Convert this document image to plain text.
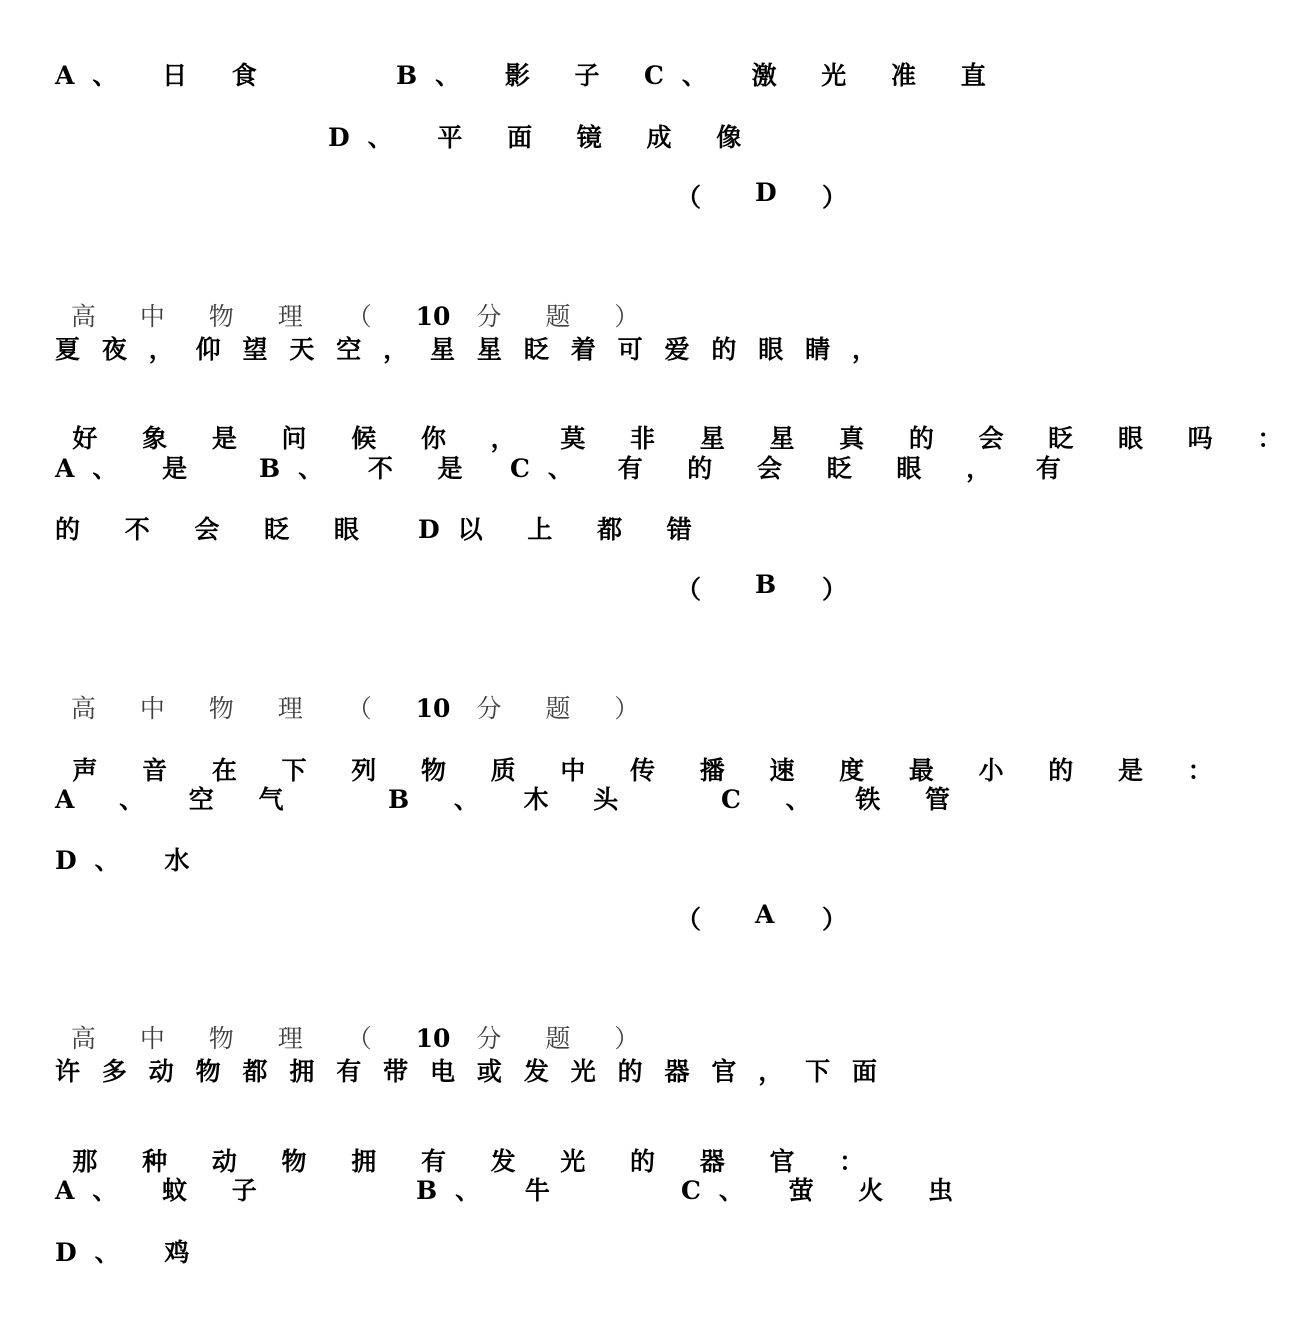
A、 日 食

	B、 影 子

C、 激 光 准 直

D、 平 面 镜 成 像

（ D ）

高 中 物 理 （ 10 分 题 ）

夏夜，仰望天空，星星眨着可爱的眼睛，

好 象 是 问 候 你 ， 莫 非 星 星 真 的 会 眨 眼 吗 ：

A、 是

B、 不 是

C、 有 的 会 眨 眼 ， 有

的 不 会 眨 眼

D以 上 都 错

（ B ）

高 中 物 理 （ 10 分 题 ）

声 音 在 下 列 物 质 中 传 播 速 度 最 小 的 是 ：

A 、 空 气

	B 、 木 头

	C 、 铁 管

D、 水

（ A ）

高 中 物 理 （ 10 分 题 ）

许多动物都拥有带电或发光的器官，下面

那 种 动 物 拥 有 发 光 的 器 官 ：

A、 蚊 子

	B、 牛

	C、 萤 火 虫

D、 鸡
